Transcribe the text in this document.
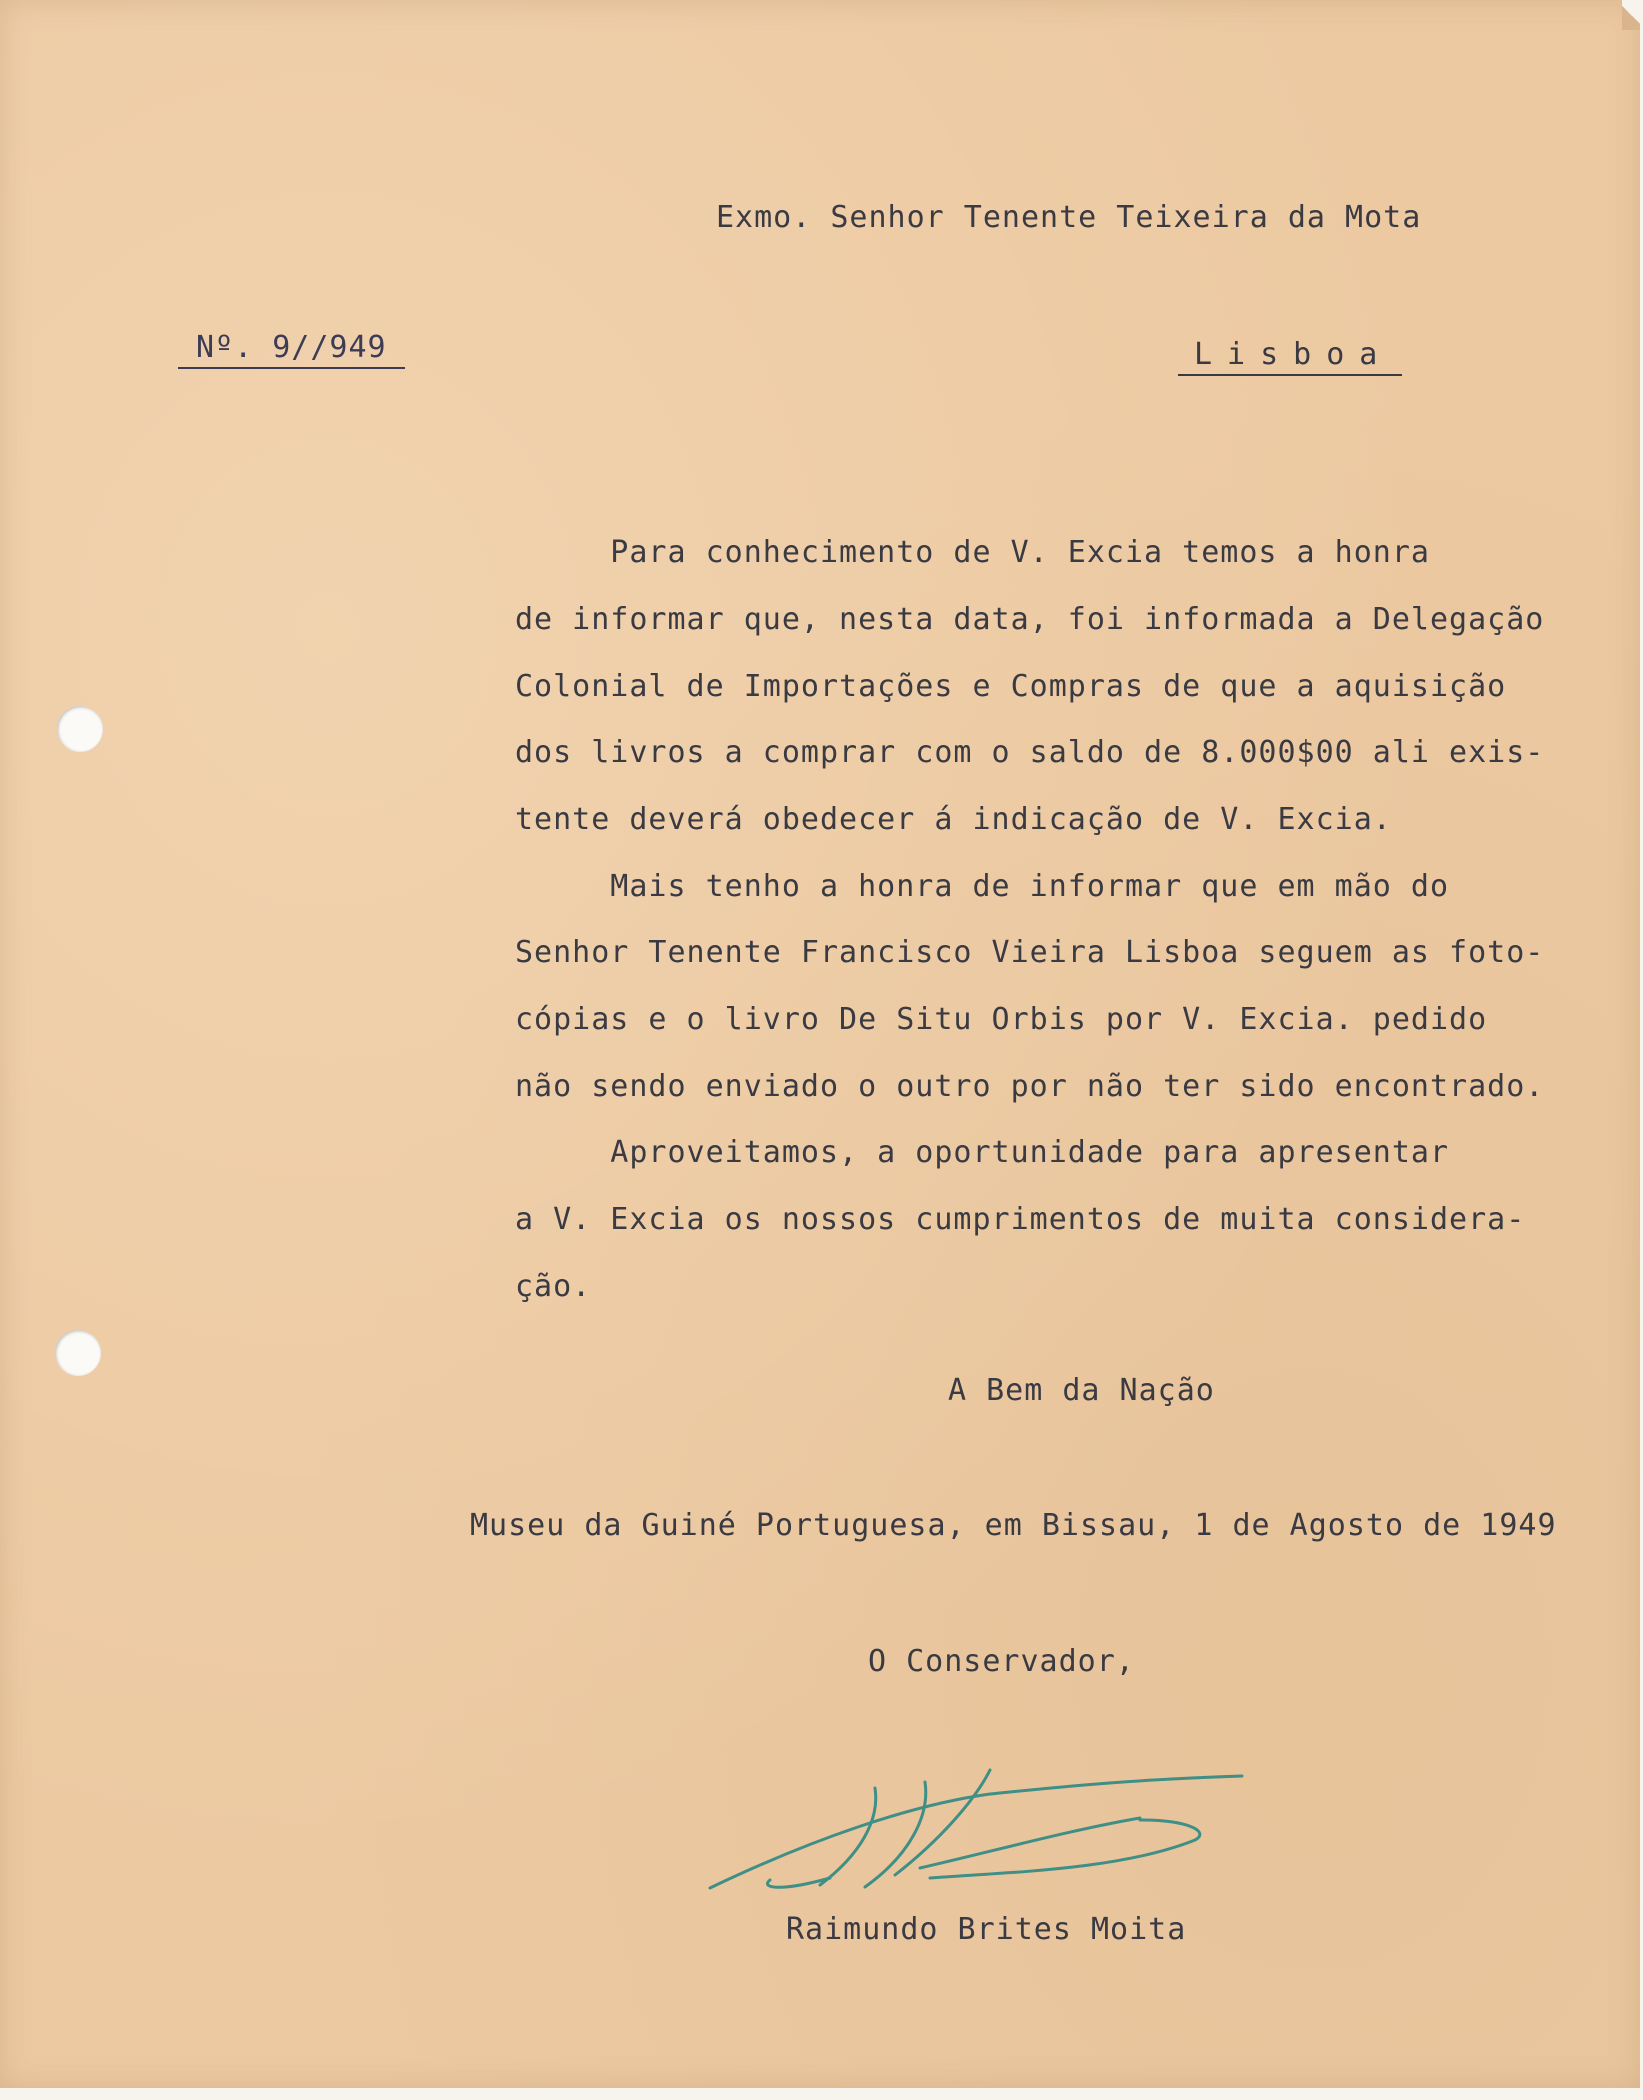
Exmo. Senhor Tenente Teixeira da Mota

Nº. 9//949	Lisboa

Para conhecimento de V. Excia temos a honra

de informar que, nesta data, foi informada a Delegação

Colonial de Importações e Compras de que a aquisição

dos livros a comprar com o saldo de 8.000$00 ali exis-

tente deverá obedecer á indicação de V. Excia.

Mais tenho a honra de informar que em mão do

Senhor Tenente Francisco Vieira Lisboa seguem as foto-

cópias e o livro De Situ Orbis por V. Excia. pedido

não sendo enviado o outro por não ter sido encontrado.

Aproveitamos, a oportunidade para apresentar

a V. Excia os nossos cumprimentos de muita considera-

ção.

A Bem da Nação

Museu da Guiné Portuguesa, em Bissau, 1 de Agosto de 1949

O Conservador,

Raimundo Brites Moita
